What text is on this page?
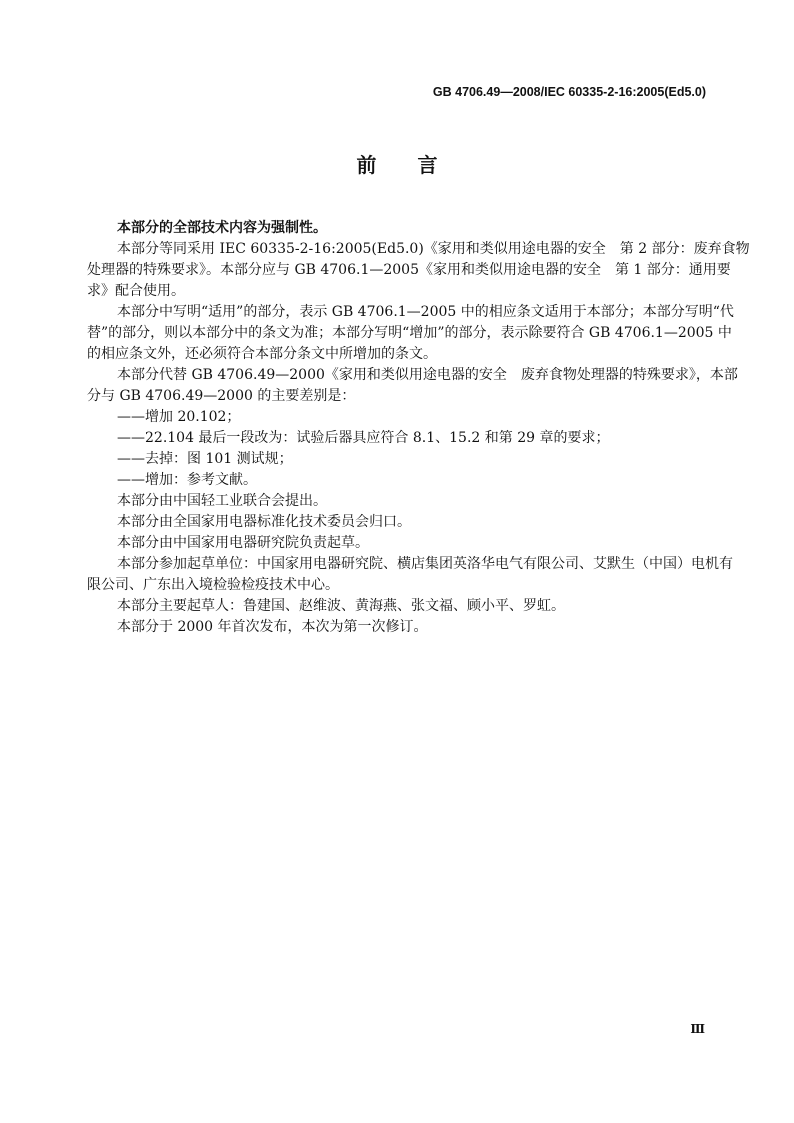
GB 4706.49—2008/IEC 60335-2-16:2005(Ed5.0)
前 言
本部分的全部技术内容为强制性。
本部分等同采用 IEC 60335-2-16:2005(Ed5.0)《家用和类似用途电器的安全　第 2 部分：废弃食物
处理器的特殊要求》。本部分应与 GB 4706.1—2005《家用和类似用途电器的安全　第 1 部分：通用要
求》配合使用。
本部分中写明“适用”的部分，表示 GB 4706.1—2005 中的相应条文适用于本部分；本部分写明“代
替”的部分，则以本部分中的条文为准；本部分写明“增加”的部分，表示除要符合 GB 4706.1—2005 中
的相应条文外，还必须符合本部分条文中所增加的条文。
本部分代替 GB 4706.49—2000《家用和类似用途电器的安全　废弃食物处理器的特殊要求》，本部
分与 GB 4706.49—2000 的主要差别是：
——增加 20.102；
——22.104 最后一段改为：试验后器具应符合 8.1、15.2 和第 29 章的要求；
——去掉：图 101 测试规；
——增加：参考文献。
本部分由中国轻工业联合会提出。
本部分由全国家用电器标准化技术委员会归口。
本部分由中国家用电器研究院负责起草。
本部分参加起草单位：中国家用电器研究院、横店集团英洛华电气有限公司、艾默生（中国）电机有
限公司、广东出入境检验检疫技术中心。
本部分主要起草人：鲁建国、赵维波、黄海燕、张文福、顾小平、罗虹。
本部分于 2000 年首次发布，本次为第一次修订。
Ⅲ
